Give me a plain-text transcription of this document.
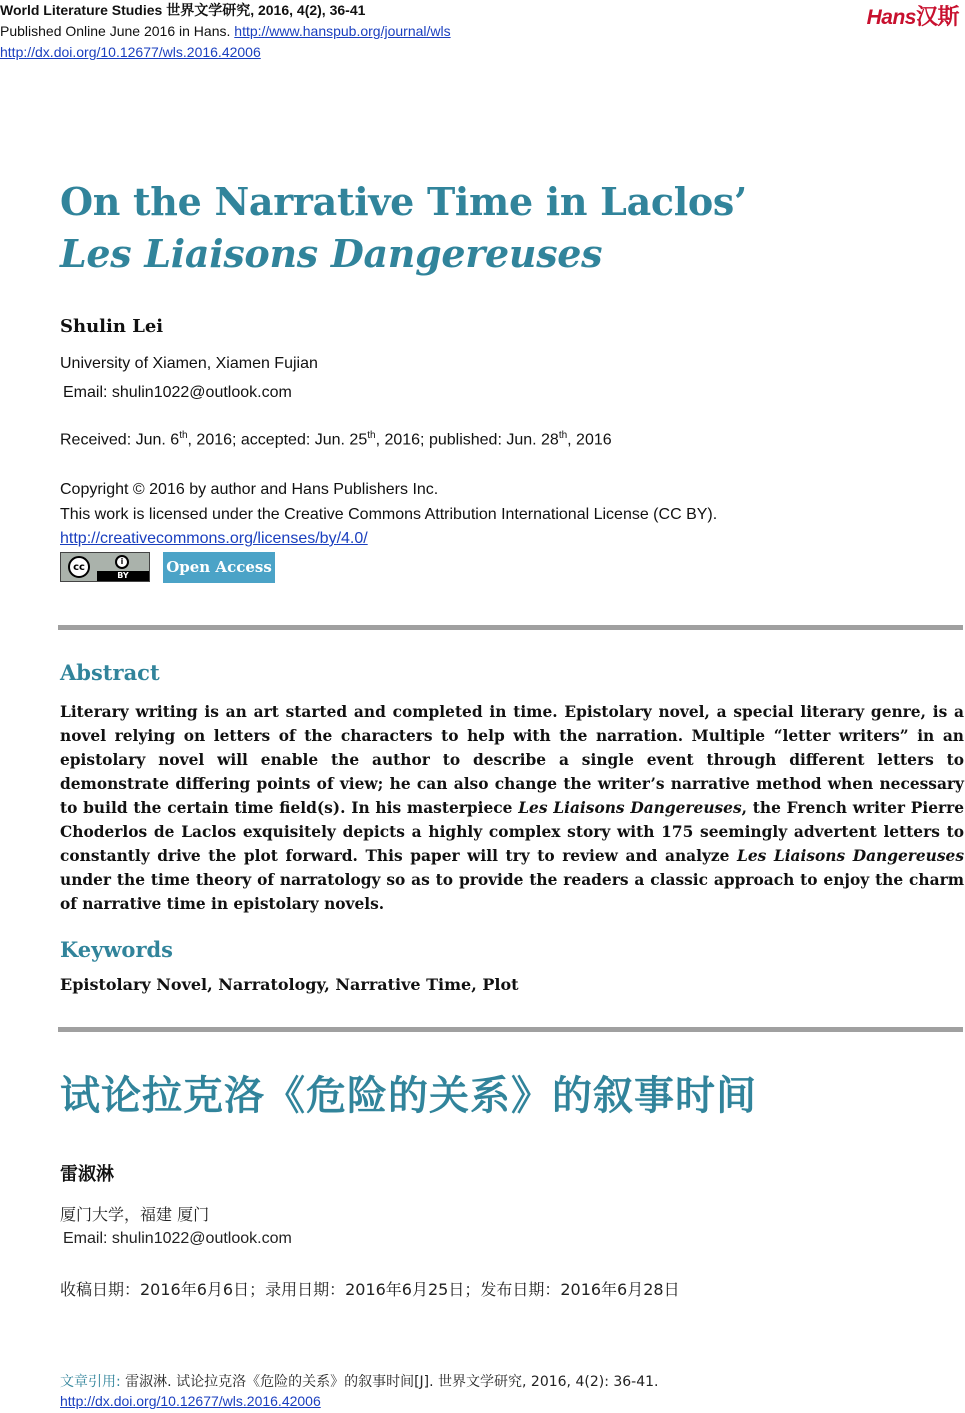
World Literature Studies 世界文学研究, 2016, 4(2), 36-41
Published Online June 2016 in Hans. http://www.hanspub.org/journal/wls
http://dx.doi.org/10.12677/wls.2016.42006
Hans汉斯
On the Narrative Time in Laclos’
Les Liaisons Dangereuses
Shulin Lei
University of Xiamen, Xiamen Fujian
Email: shulin1022@outlook.com
Received: Jun. 6th, 2016; accepted: Jun. 25th, 2016; published: Jun. 28th, 2016
Copyright © 2016 by author and Hans Publishers Inc.
This work is licensed under the Creative Commons Attribution International License (CC BY).
http://creativecommons.org/licenses/by/4.0/
cc	i
BY	Open Access
Abstract
Literary writing is an art started and completed in time. Epistolary novel, a special literary genre, is a novel relying on letters of the characters to help with the narration. Multiple “letter writers” in an epistolary novel will enable the author to describe a single event through different letters to demonstrate differing points of view; he can also change the writer’s narrative method when necessary to build the certain time field(s). In his masterpiece Les Liaisons Dangereuses, the French writer Pierre Choderlos de Laclos exquisitely depicts a highly complex story with 175 seemingly advertent letters to constantly drive the plot forward. This paper will try to review and analyze Les Liaisons Dangereuses under the time theory of narratology so as to provide the readers a classic approach to enjoy the charm of narrative time in epistolary novels.
Keywords
Epistolary Novel, Narratology, Narrative Time, Plot
试论拉克洛《危险的关系》的叙事时间
雷淑淋
厦门大学，福建 厦门
Email: shulin1022@outlook.com
收稿日期：2016年6月6日；录用日期：2016年6月25日；发布日期：2016年6月28日
文章引用: 雷淑淋. 试论拉克洛《危险的关系》的叙事时间[J]. 世界文学研究, 2016, 4(2): 36-41.
http://dx.doi.org/10.12677/wls.2016.42006
